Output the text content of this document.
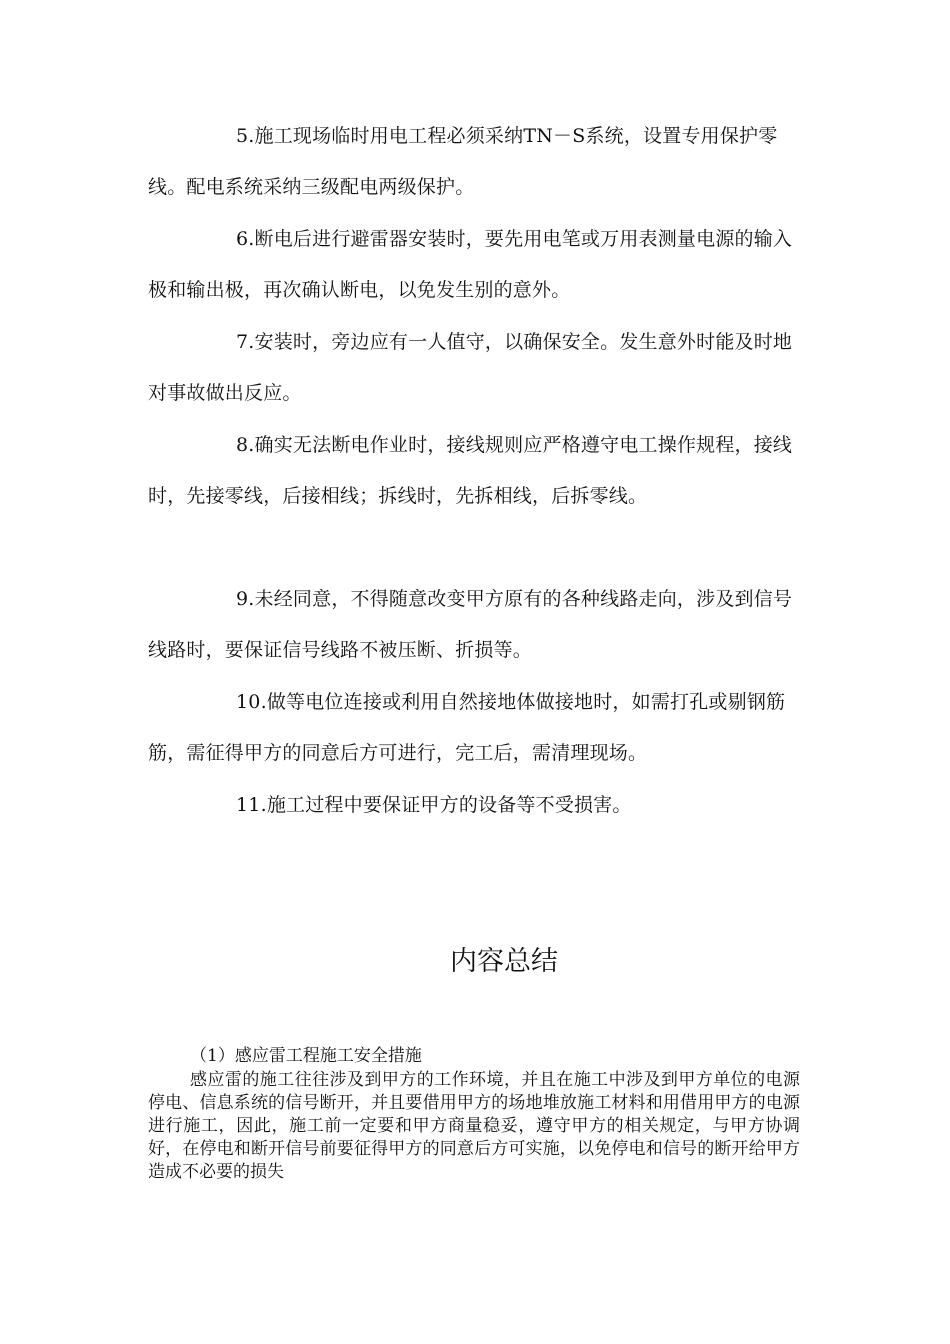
5.施工现场临时用电工程必须采纳TN－S系统，设置专用保护零线。配电系统采纳三级配电两级保护。

6.断电后进行避雷器安装时，要先用电笔或万用表测量电源的输入极和输出极，再次确认断电，以免发生别的意外。

7.安装时，旁边应有一人值守，以确保安全。发生意外时能及时地对事故做出反应。

8.确实无法断电作业时，接线规则应严格遵守电工操作规程，接线时，先接零线，后接相线；拆线时，先拆相线，后拆零线。

9.未经同意，不得随意改变甲方原有的各种线路走向，涉及到信号线路时，要保证信号线路不被压断、折损等。

10.做等电位连接或利用自然接地体做接地时，如需打孔或剔钢筋筋，需征得甲方的同意后方可进行，完工后，需清理现场。

11.施工过程中要保证甲方的设备等不受损害。

内容总结

（1）感应雷工程施工安全措施

感应雷的施工往往涉及到甲方的工作环境，并且在施工中涉及到甲方单位的电源停电、信息系统的信号断开，并且要借用甲方的场地堆放施工材料和用借用甲方的电源进行施工，因此，施工前一定要和甲方商量稳妥，遵守甲方的相关规定，与甲方协调好，在停电和断开信号前要征得甲方的同意后方可实施，以免停电和信号的断开给甲方造成不必要的损失
